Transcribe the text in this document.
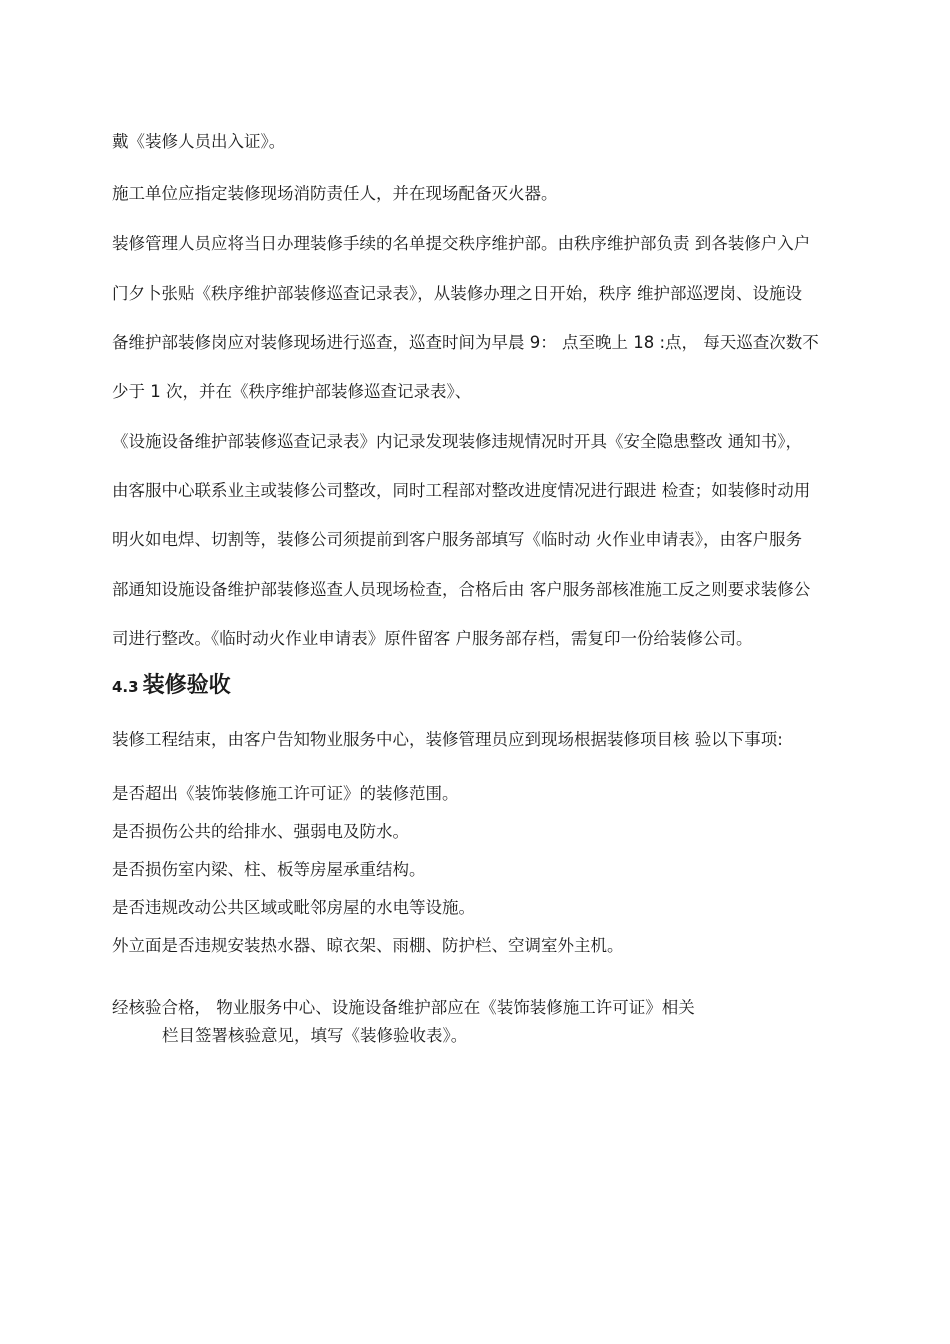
戴《装修人员出入证》。

施工单位应指定装修现场消防责任人，并在现场配备灭火器。

装修管理人员应将当日办理装修手续的名单提交秩序维护部。由秩序维护部负责 到各装修户入户

门夕卜张贴《秩序维护部装修巡查记录表》，从装修办理之日开始，秩序 维护部巡逻岗、设施设

备维护部装修岗应对装修现场进行巡查，巡查时间为早晨 9： 点至晚上 18 :点， 每天巡查次数不

少于 1 次，并在《秩序维护部装修巡查记录表》、

《设施设备维护部装修巡查记录表》内记录发现装修违规情况时开具《安全隐患整改 通知书》，

由客服中心联系业主或装修公司整改，同时工程部对整改进度情况进行跟进 检查；如装修时动用

明火如电焊、切割等，装修公司须提前到客户服务部填写《临时动 火作业申请表》，由客户服务

部通知设施设备维护部装修巡查人员现场检查，合格后由 客户服务部核准施工反之则要求装修公

司进行整改。《临时动火作业申请表》原件留客 户服务部存档，需复印一份给装修公司。

4.3 装修验收

装修工程结束，由客户告知物业服务中心，装修管理员应到现场根据装修项目核 验以下事项:

是否超出《装饰装修施工许可证》的装修范围。

是否损伤公共的给排水、强弱电及防水。

是否损伤室内梁、柱、板等房屋承重结构。

是否违规改动公共区域或毗邻房屋的水电等设施。

外立面是否违规安装热水器、晾衣架、雨棚、防护栏、空调室外主机。

经核验合格， 物业服务中心、设施设备维护部应在《装饰装修施工许可证》相关

栏目签署核验意见，填写《装修验收表》。
